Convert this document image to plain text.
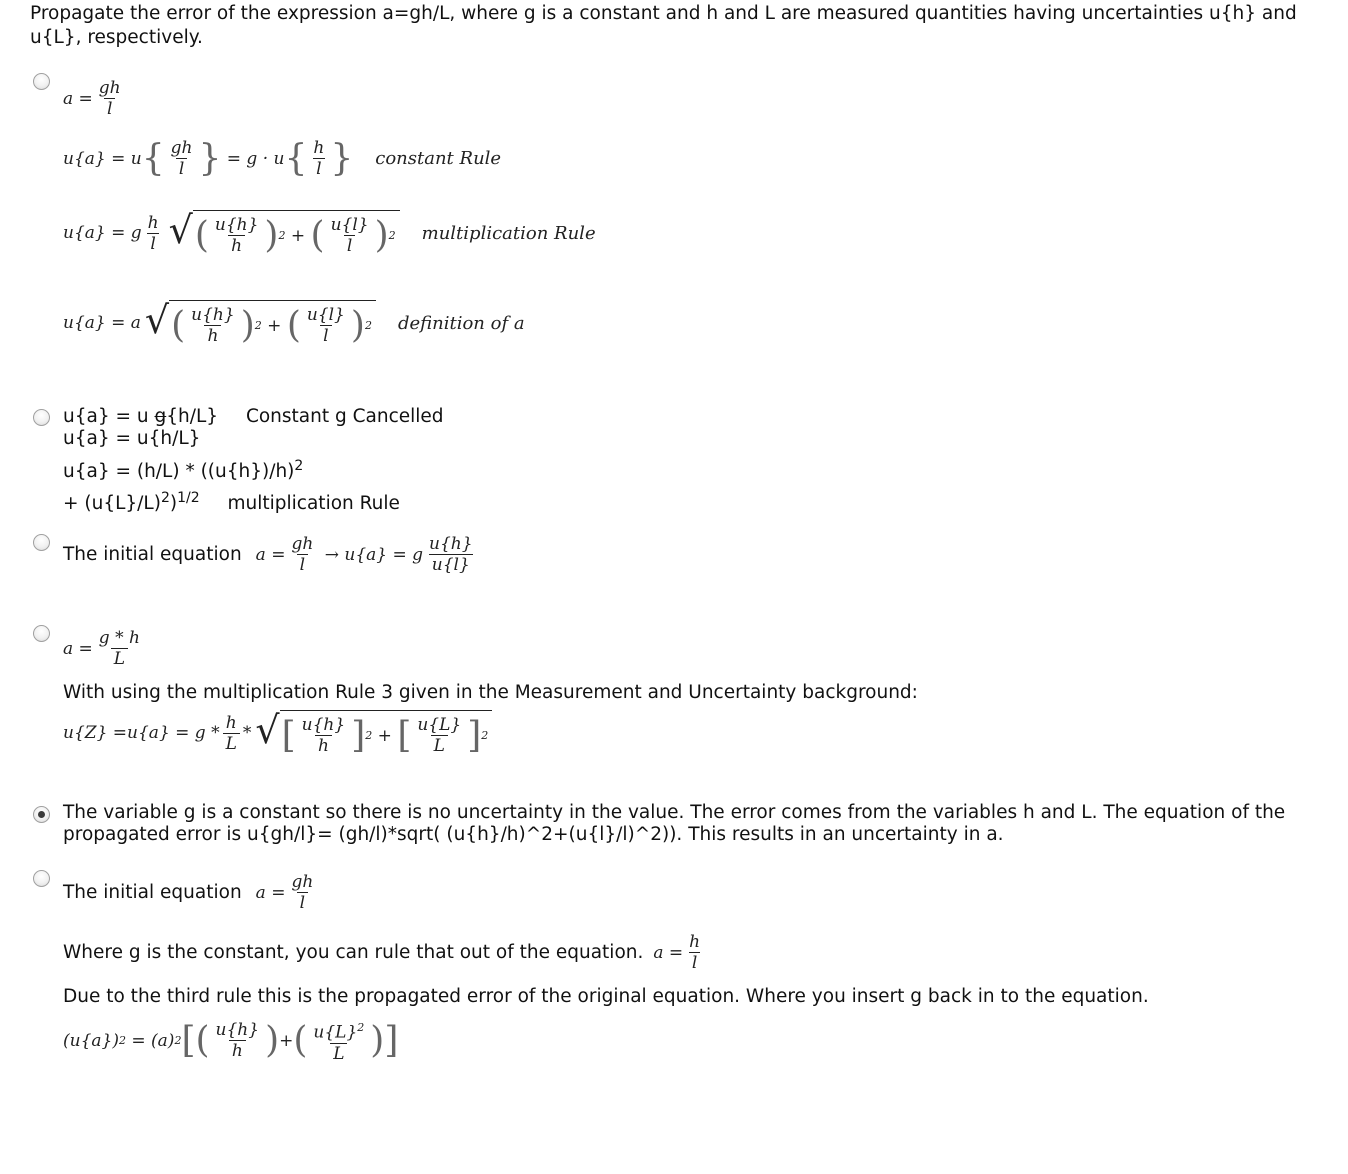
Propagate the error of the expression a=gh/L, where g is a constant and h and L are measured quantities having uncertainties u{h} and u{L}, respectively.
$a = \frac{gh}{l}$
u{a} = u { $\frac{gh}{l}$ } = g · u { $\frac{h}{l}$ } constant Rule
u{a} = g $\frac{h}{l}$ √ ( $\frac{u\{h\}}{h}$ ) 2 + ( $\frac{u\{l\}}{l}$ ) 2 multiplication Rule
u{a} = a √ ( $\frac{u\{h\}}{h}$ ) 2 + ( $\frac{u\{l\}}{l}$ ) 2 definition of a
u{a} = u g{h/L} Constant g Cancelled
u{a} = u{h/L}
$u\{a\} = (h/L) * ((u\{h\})/h)^2$
+ $(u\{L\}/L)^2)^{1/2}$ multiplication Rule
The initial equation $a = \frac{gh}{l} \to u\{a\} = g \frac{u\{h\}}{u\{l\}}$
$a = \frac{g * h}{L}$
With using the multiplication Rule 3 given in the Measurement and Uncertainty background:
$u\{Z\} =u\{a\} = g * \frac{h}{L}$ * √ [ $\frac{u\{h\}}{h}$ ] 2 + [ $\frac{u\{L\}}{L}$ ] 2
The variable g is a constant so there is no uncertainty in the value. The error comes from the variables h and L. The equation of the propagated error is u{gh/l}= (gh/l)*sqrt( (u{h}/h)^2+(u{l}/l)^2)). This results in an uncertainty in a.
The initial equation $a = \frac{gh}{l}$
Where g is the constant, you can rule that out of the equation. $a = \frac{h}{l}$
Due to the third rule this is the propagated error of the original equation. Where you insert g back in to the equation.
(u{a}) 2 = (a) 2 [ ( $\frac{u\{h\}}{h}$ ) + ( $\frac{u\{L\}^2}{L}$ ) ]
